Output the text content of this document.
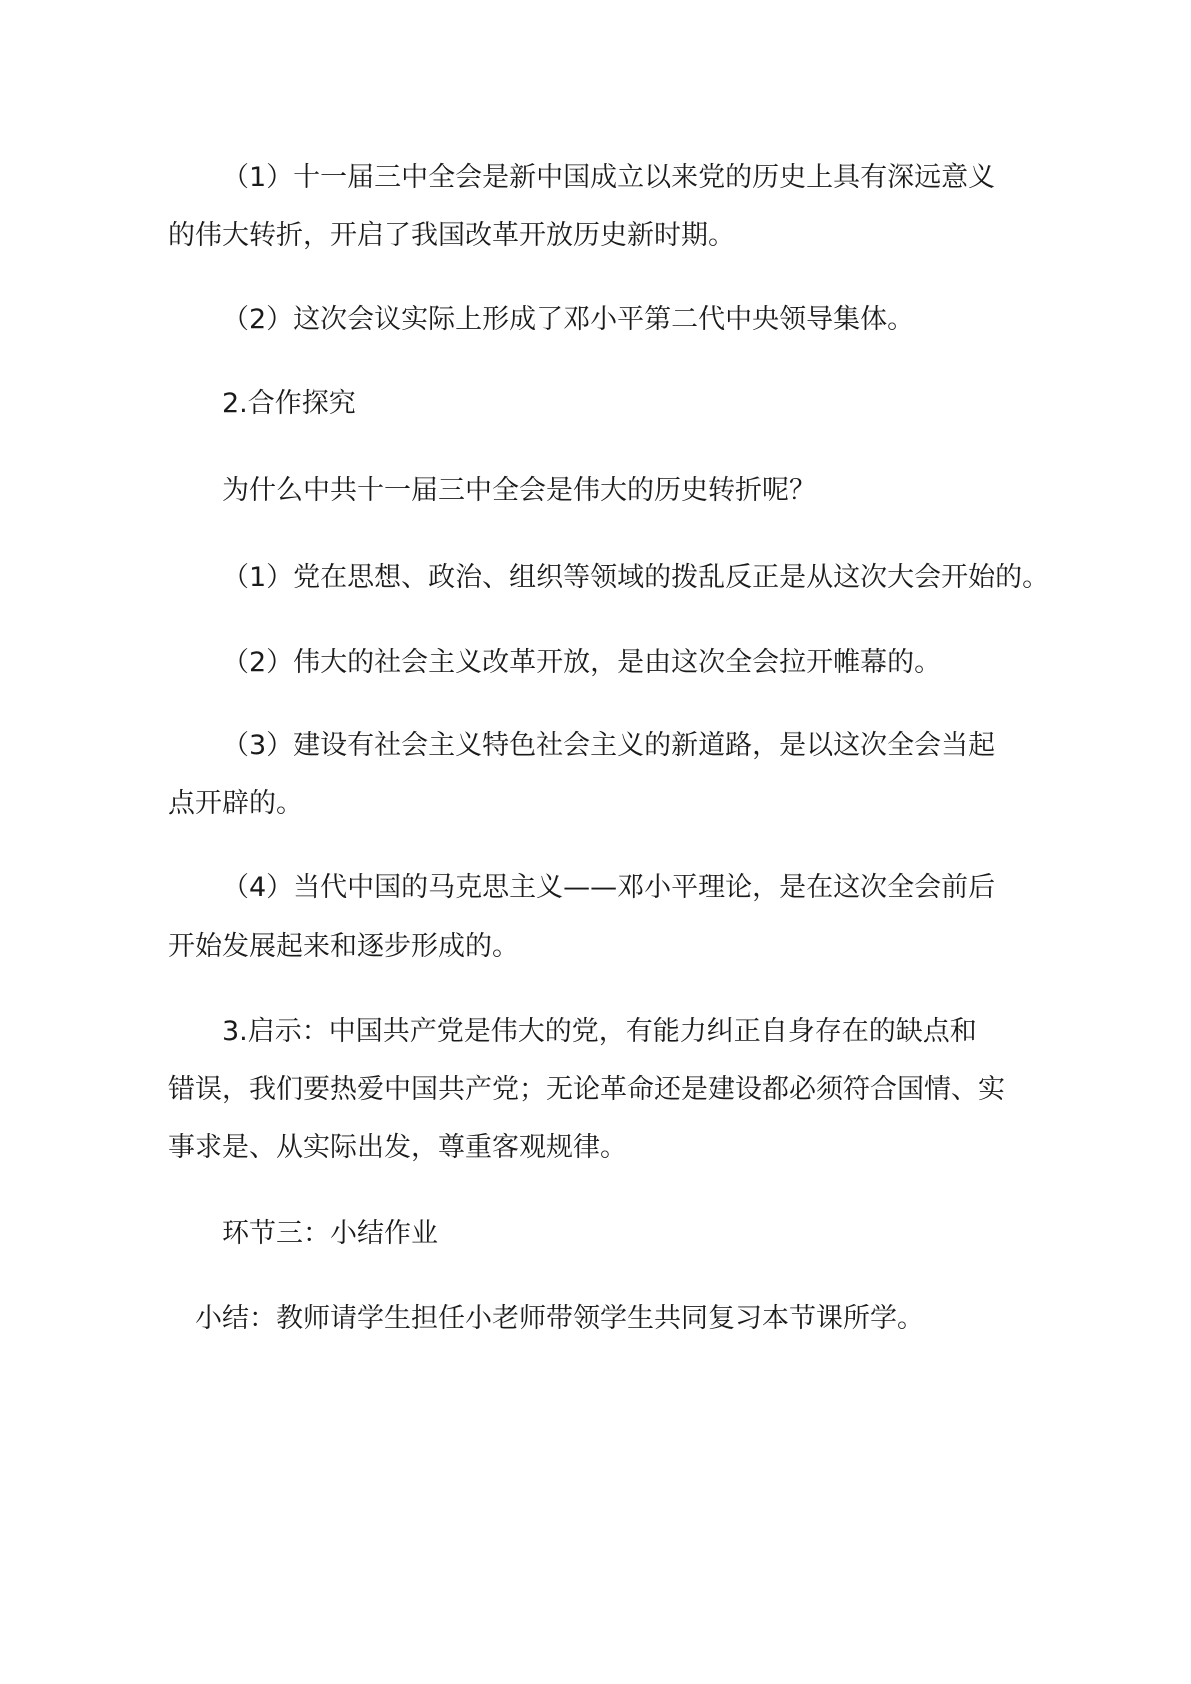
（1）十一届三中全会是新中国成立以来党的历史上具有深远意义
的伟大转折，开启了我国改革开放历史新时期。
（2）这次会议实际上形成了邓小平第二代中央领导集体。
2.合作探究
为什么中共十一届三中全会是伟大的历史转折呢？
（1）党在思想、政治、组织等领域的拨乱反正是从这次大会开始的。
（2）伟大的社会主义改革开放，是由这次全会拉开帷幕的。
（3）建设有社会主义特色社会主义的新道路，是以这次全会当起
点开辟的。
（4）当代中国的马克思主义——邓小平理论，是在这次全会前后
开始发展起来和逐步形成的。
3.启示：中国共产党是伟大的党，有能力纠正自身存在的缺点和
错误，我们要热爱中国共产党；无论革命还是建设都必须符合国情、实
事求是、从实际出发，尊重客观规律。
环节三：小结作业
小结：教师请学生担任小老师带领学生共同复习本节课所学。
